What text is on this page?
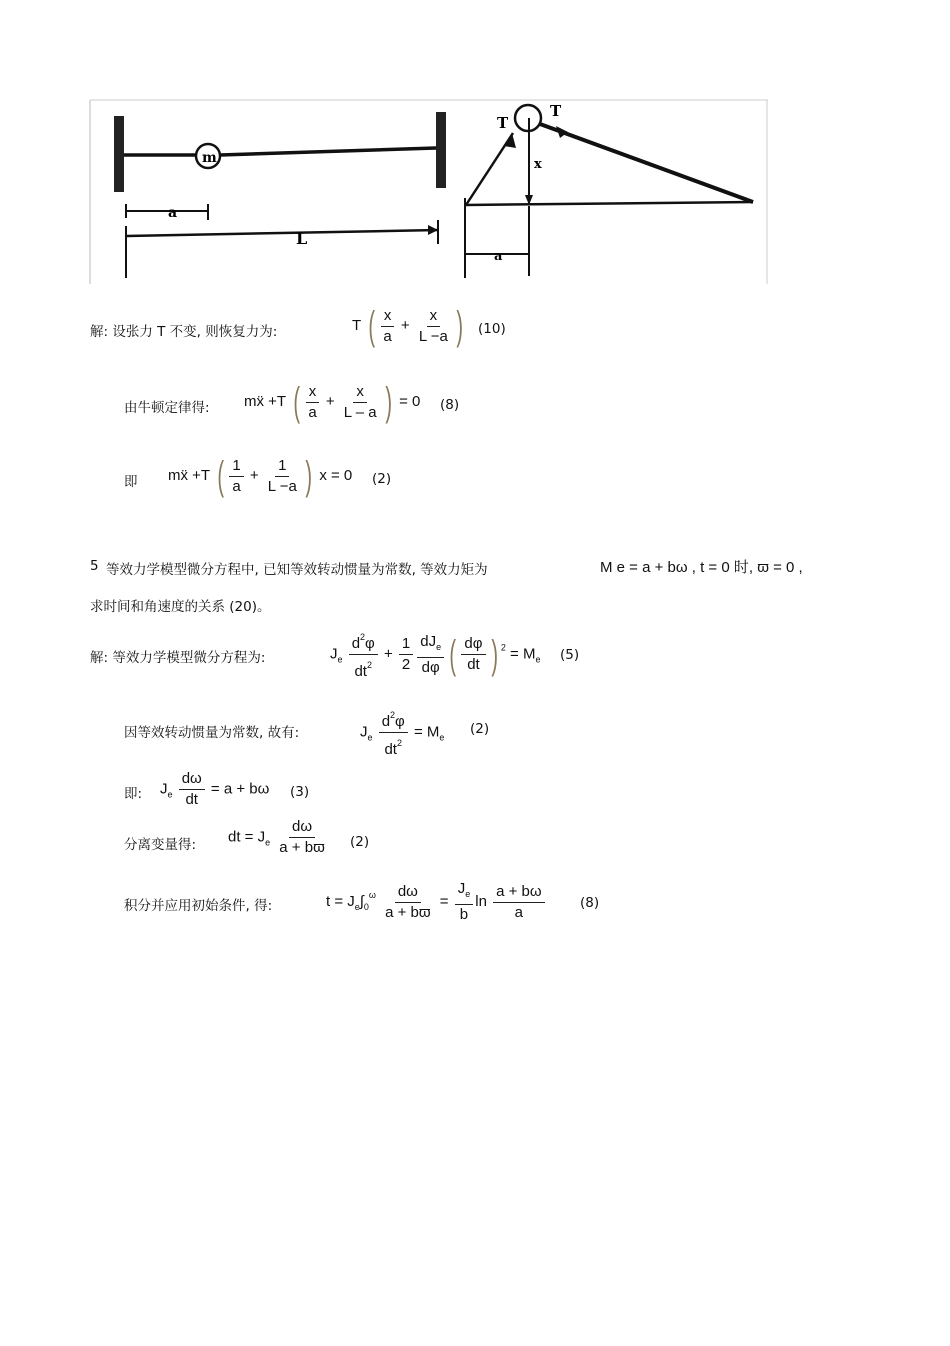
m
a
L
T
T
x
a
解: 设张力 T 不变, 则恢复力为:	T ( $\frac{x}{a} + \frac{x}{L -a}$ ) (10)
由牛顿定律得: mẍ +T ( $\frac{x}{a} + \frac{x}{L - a}$ ) = 0 (8)
即 mẍ +T ( $\frac{1}{a} + \frac{1}{L -a}$ ) x = 0 (2)
5 等效力学模型微分方程中, 已知等效转动惯量为常数, 等效力矩为	M e = a + bω , t = 0 时, ϖ = 0 ,
求时间和角速度的关系 (20)。
解: 等效力学模型微分方程为:	$J_e \frac{d^2\varphi}{dt^2} + \frac{1}{2} \frac{dJ_e}{d\varphi}$ ( $\frac{d\varphi}{dt}$ ) $^2 = M_e$ (5)
因等效转动惯量为常数, 故有:	$J_e \frac{d^2\varphi}{dt^2} = M_e$
(2)
即: $J_e \frac{d\omega}{dt} = a + b\omega$ (3)
分离变量得: dt = $J_e \frac{d\omega}{a + bϖ} (2)$
积分并应用初始条件, 得:	$t = J_e\int_0^\omega \frac{d\omega}{a + bϖ} = \frac{J_e}{b}$ $\ln \frac{a + b\omega}{a}$	(8)
